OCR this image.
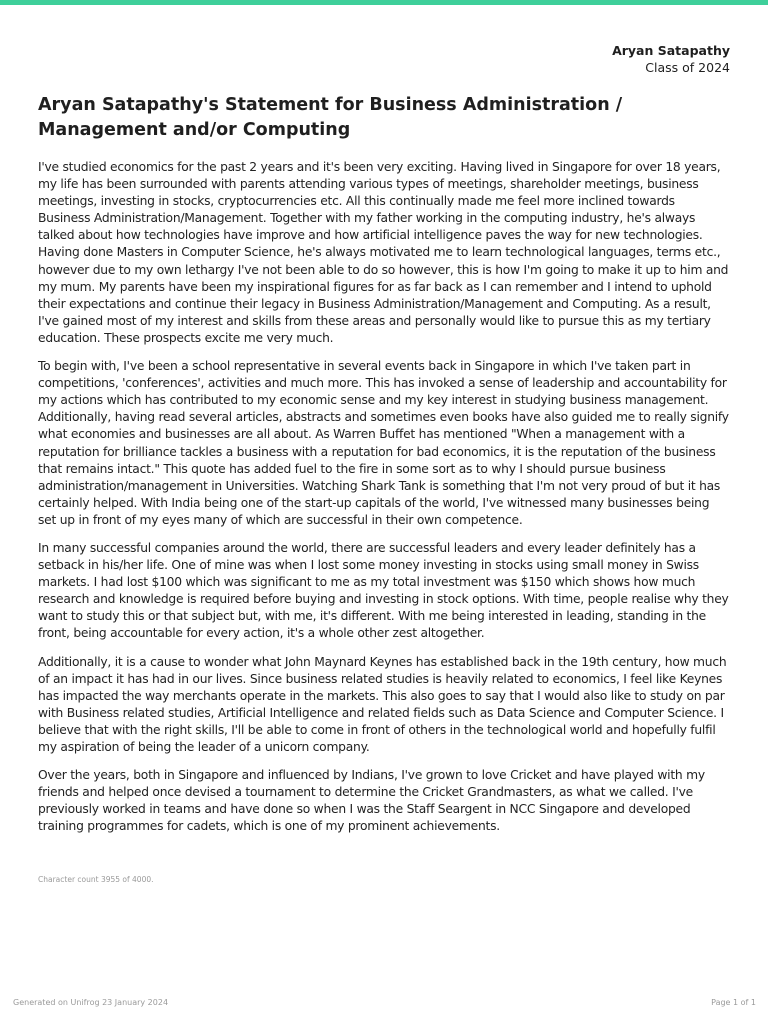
Aryan Satapathy
Class of 2024
Aryan Satapathy's Statement for Business Administration / Management and/or Computing

I've studied economics for the past 2 years and it's been very exciting. Having lived in Singapore for over 18 years, my life has been surrounded with parents attending various types of meetings, shareholder meetings, business meetings, investing in stocks, cryptocurrencies etc. All this continually made me feel more inclined towards Business Administration/Management. Together with my father working in the computing industry, he's always talked about how technologies have improve and how artificial intelligence paves the way for new technologies. Having done Masters in Computer Science, he's always motivated me to learn technological languages, terms etc., however due to my own lethargy I've not been able to do so however, this is how I'm going to make it up to him and my mum. My parents have been my inspirational figures for as far back as I can remember and I intend to uphold their expectations and continue their legacy in Business Administration/Management and Computing. As a result, I've gained most of my interest and skills from these areas and personally would like to pursue this as my tertiary education. These prospects excite me very much.

To begin with, I've been a school representative in several events back in Singapore in which I've taken part in competitions, 'conferences', activities and much more. This has invoked a sense of leadership and accountability for my actions which has contributed to my economic sense and my key interest in studying business management. Additionally, having read several articles, abstracts and sometimes even books have also guided me to really signify what economies and businesses are all about. As Warren Buffet has mentioned "When a management with a reputation for brilliance tackles a business with a reputation for bad economics, it is the reputation of the business that remains intact." This quote has added fuel to the fire in some sort as to why I should pursue business administration/management in Universities. Watching Shark Tank is something that I'm not very proud of but it has certainly helped. With India being one of the start-up capitals of the world, I've witnessed many businesses being set up in front of my eyes many of which are successful in their own competence.

In many successful companies around the world, there are successful leaders and every leader definitely has a setback in his/her life. One of mine was when I lost some money investing in stocks using small money in Swiss markets. I had lost $100 which was significant to me as my total investment was $150 which shows how much research and knowledge is required before buying and investing in stock options. With time, people realise why they want to study this or that subject but, with me, it's different. With me being interested in leading, standing in the front, being accountable for every action, it's a whole other zest altogether.

Additionally, it is a cause to wonder what John Maynard Keynes has established back in the 19th century, how much of an impact it has had in our lives. Since business related studies is heavily related to economics, I feel like Keynes has impacted the way merchants operate in the markets. This also goes to say that I would also like to study on par with Business related studies, Artificial Intelligence and related fields such as Data Science and Computer Science. I believe that with the right skills, I'll be able to come in front of others in the technological world and hopefully fulfil my aspiration of being the leader of a unicorn company.

Over the years, both in Singapore and influenced by Indians, I've grown to love Cricket and have played with my friends and helped once devised a tournament to determine the Cricket Grandmasters, as what we called. I've previously worked in teams and have done so when I was the Staff Seargent in NCC Singapore and developed training programmes for cadets, which is one of my prominent achievements.

Character count 3955 of 4000.
Generated on Unifrog 23 January 2024	Page 1 of 1
